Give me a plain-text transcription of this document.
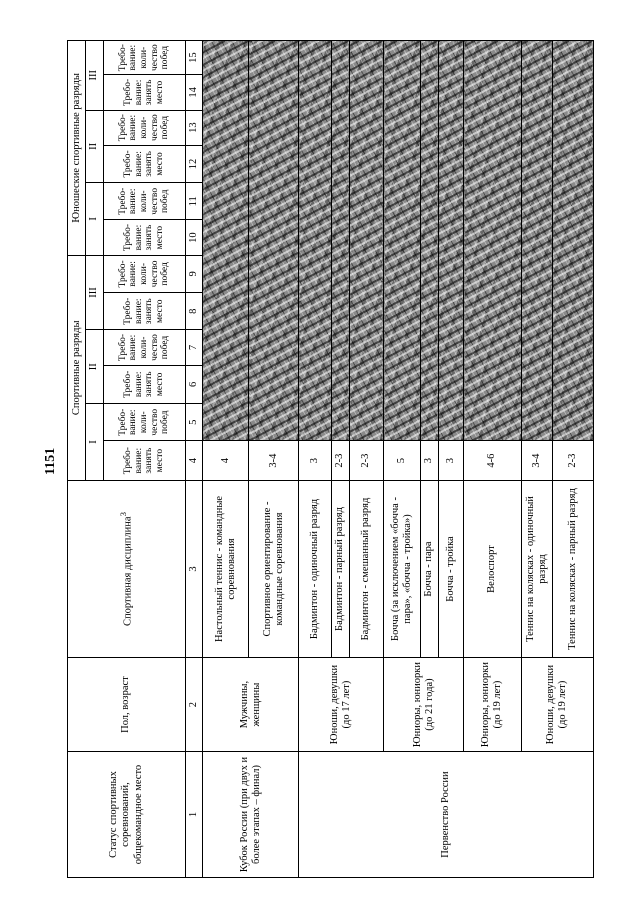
1151
Статус спортивных соревнований, общекомандное место	Пол, возраст	Спортивная дисциплина$^3$	Спортивные разряды						Юношеские спортивные разряды					
			I		II		III		I		II		III	
			Требо-вание: занять место	Требо-вание: коли-чество побед	Требо-вание: занять место	Требо-вание: коли-чество побед	Требо-вание: занять место	Требо-вание: коли-чество побед	Требо-вание: занять место	Требо-вание: коли-чество побед	Требо-вание: занять место	Требо-вание: коли-чество побед	Требо-вание: занять место	Требо-вание: коли-чество побед
1	2	3	4	5	6	7	8	9	10	11	12	13	14	15
Кубок России (при двух и более этапах – финал)	Мужчины, женщины	Настольный теннис - командные соревнования	4											
		Спортивное ориентирование - командные соревнования	3-4											
Первенство России	Юноши, девушки (до 17 лет)	Бадминтон - одиночный разряд	3											
		Бадминтон - парный разряд	2-3											
		Бадминтон - смешанный разряд	2-3											
	Юниоры, юниорки (до 21 года)	Бочча (за исключением «бочча - пара», «бочча - тройка»)	5											
		Бочча - пара	3											
		Бочча - тройка	3											
	Юниоры, юниорки (до 19 лет)	Велоспорт	4-6											
	Юноши, девушки (до 19 лет)	Теннис на колясках - одиночный разряд	3-4											
		Теннис на колясках - парный разряд	2-3											
